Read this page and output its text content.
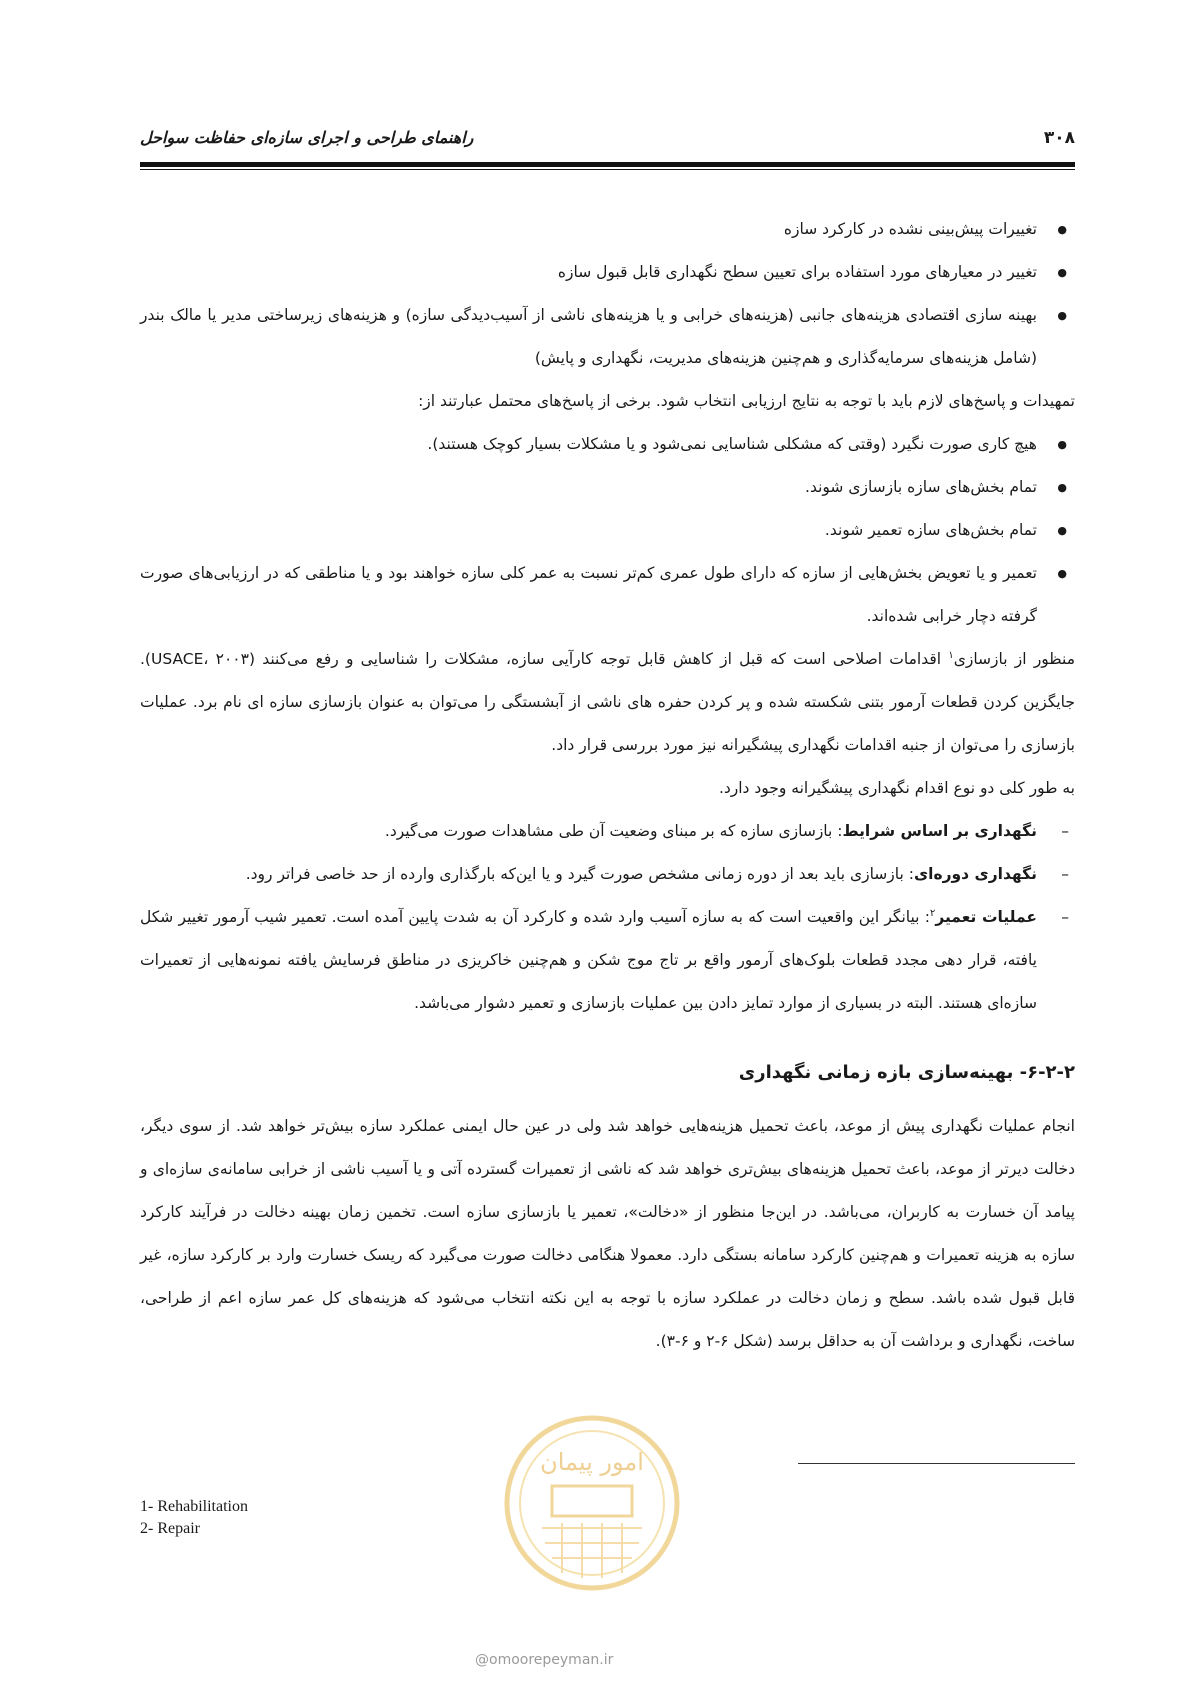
۳۰۸
راهنمای طراحی و اجرای سازه‌ای حفاظت سواحل
● تغییرات پیش‌بینی نشده در کارکرد سازه
● تغییر در معیارهای مورد استفاده برای تعیین سطح نگهداری قابل قبول سازه
● بهینه سازی اقتصادی هزینه‌های جانبی (هزینه‌های خرابی و یا هزینه‌های ناشی از آسیب‌دیدگی سازه) و هزینه‌های زیرساختی مدیر یا مالک بندر (شامل هزینه‌های سرمایه‌گذاری و هم‌چنین هزینه‌های مدیریت، نگهداری و پایش)

تمهیدات و پاسخ‌های لازم باید با توجه به نتایج ارزیابی انتخاب شود. برخی از پاسخ‌های محتمل عبارتند از:

● هیچ کاری صورت نگیرد (وقتی که مشکلی شناسایی نمی‌شود و یا مشکلات بسیار کوچک هستند).
● تمام بخش‌های سازه بازسازی شوند.
● تمام بخش‌های سازه تعمیر شوند.
● تعمیر و یا تعویض بخش‌هایی از سازه که دارای طول عمری کم‌تر نسبت به عمر کلی سازه خواهند بود و یا مناطقی که در ارزیابی‌های صورت گرفته دچار خرابی شده‌اند.

منظور از بازسازی$^۱$ اقدامات اصلاحی است که قبل از کاهش قابل توجه کارآیی سازه، مشکلات را شناسایی و رفع می‌کنند (USACE، ۲۰۰۳). جایگزین کردن قطعات آرمور بتنی شکسته شده و پر کردن حفره های ناشی از آبشستگی را می‌توان به عنوان بازسازی سازه ای نام برد. عملیات بازسازی را می‌توان از جنبه اقدامات نگهداری پیشگیرانه نیز مورد بررسی قرار داد.

به طور کلی دو نوع اقدام نگهداری پیشگیرانه وجود دارد.

– نگهداری بر اساس شرایط: بازسازی سازه که بر مبنای وضعیت آن طی مشاهدات صورت می‌گیرد.
– نگهداری دوره‌ای: بازسازی باید بعد از دوره زمانی مشخص صورت گیرد و یا این‌که بارگذاری وارده از حد خاصی فراتر رود.
– عملیات تعمیر$^۲$: بیانگر این واقعیت است که به سازه آسیب وارد شده و کارکرد آن به شدت پایین آمده است. تعمیر شیب آرمور تغییر شکل یافته، قرار دهی مجدد قطعات بلوک‌های آرمور واقع بر تاج موج شکن و هم‌چنین خاکریزی در مناطق فرسایش یافته نمونه‌هایی از تعمیرات سازه‌ای هستند. البته در بسیاری از موارد تمایز دادن بین عملیات بازسازی و تعمیر دشوار می‌باشد.
۶-۲-۲- بهینه‌سازی بازه زمانی نگهداری

انجام عملیات نگهداری پیش از موعد، باعث تحمیل هزینه‌هایی خواهد شد ولی در عین حال ایمنی عملکرد سازه بیش‌تر خواهد شد. از سوی دیگر، دخالت دیرتر از موعد، باعث تحمیل هزینه‌های بیش‌تری خواهد شد که ناشی از تعمیرات گسترده آتی و یا آسیب ناشی از خرابی سامانه‌ی سازه‌ای و پیامد آن خسارت به کاربران، می‌باشد. در این‌جا منظور از «دخالت»، تعمیر یا بازسازی سازه است. تخمین زمان بهینه دخالت در فرآیند کارکرد سازه به هزینه تعمیرات و هم‌چنین کارکرد سامانه بستگی دارد. معمولا هنگامی دخالت صورت می‌گیرد که ریسک خسارت وارد بر کارکرد سازه، غیر قابل قبول شده باشد. سطح و زمان دخالت در عملکرد سازه با توجه به این نکته انتخاب می‌شود که هزینه‌های کل عمر سازه اعم از طراحی، ساخت، نگهداری و برداشت آن به حداقل برسد (شکل ۶-۲ و ۶-۳).

1- Rehabilitation
2- Repair
امور پیمان
@omoorepeyman.ir
